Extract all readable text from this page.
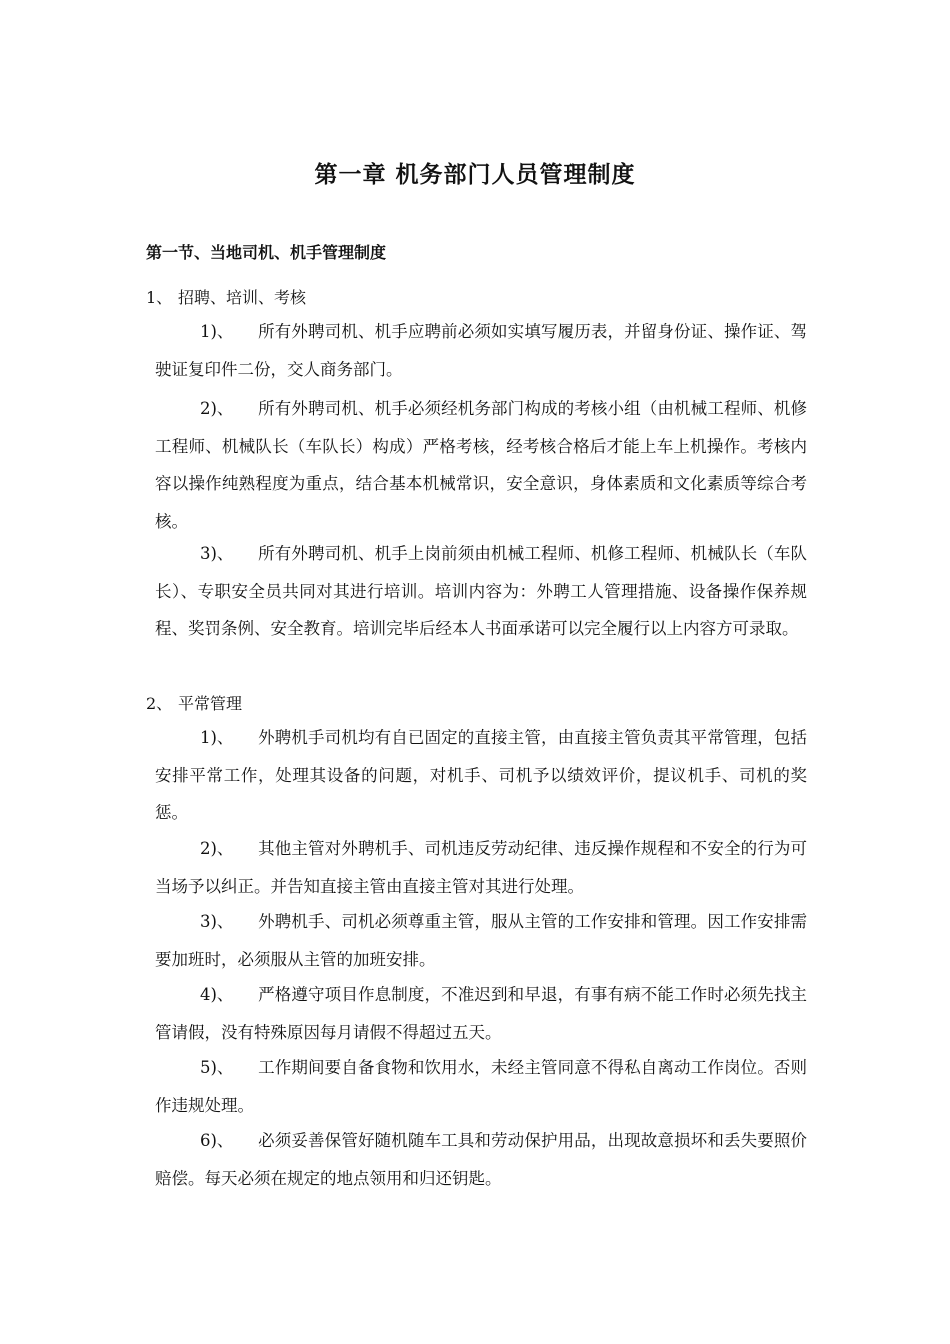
第一章 机务部门人员管理制度
第一节、当地司机、机手管理制度
1、 招聘、培训、考核
1)、 所有外聘司机、机手应聘前必须如实填写履历表，并留身份证、操作证、驾驶证复印件二份，交人商务部门。
2)、 所有外聘司机、机手必须经机务部门构成的考核小组（由机械工程师、机修工程师、机械队长（车队长）构成）严格考核，经考核合格后才能上车上机操作。考核内容以操作纯熟程度为重点，结合基本机械常识，安全意识，身体素质和文化素质等综合考核。
3)、 所有外聘司机、机手上岗前须由机械工程师、机修工程师、机械队长（车队长）、专职安全员共同对其进行培训。培训内容为：外聘工人管理措施、设备操作保养规程、奖罚条例、安全教育。培训完毕后经本人书面承诺可以完全履行以上内容方可录取。
2、 平常管理
1)、 外聘机手司机均有自已固定的直接主管，由直接主管负责其平常管理，包括安排平常工作，处理其设备的问题，对机手、司机予以绩效评价，提议机手、司机的奖惩。
2)、 其他主管对外聘机手、司机违反劳动纪律、违反操作规程和不安全的行为可当场予以纠正。并告知直接主管由直接主管对其进行处理。
3)、 外聘机手、司机必须尊重主管，服从主管的工作安排和管理。因工作安排需要加班时，必须服从主管的加班安排。
4)、 严格遵守项目作息制度，不准迟到和早退，有事有病不能工作时必须先找主管请假，没有特殊原因每月请假不得超过五天。
5)、 工作期间要自备食物和饮用水，未经主管同意不得私自离动工作岗位。否则作违规处理。
6)、 必须妥善保管好随机随车工具和劳动保护用品，出现故意损坏和丢失要照价赔偿。每天必须在规定的地点领用和归还钥匙。
